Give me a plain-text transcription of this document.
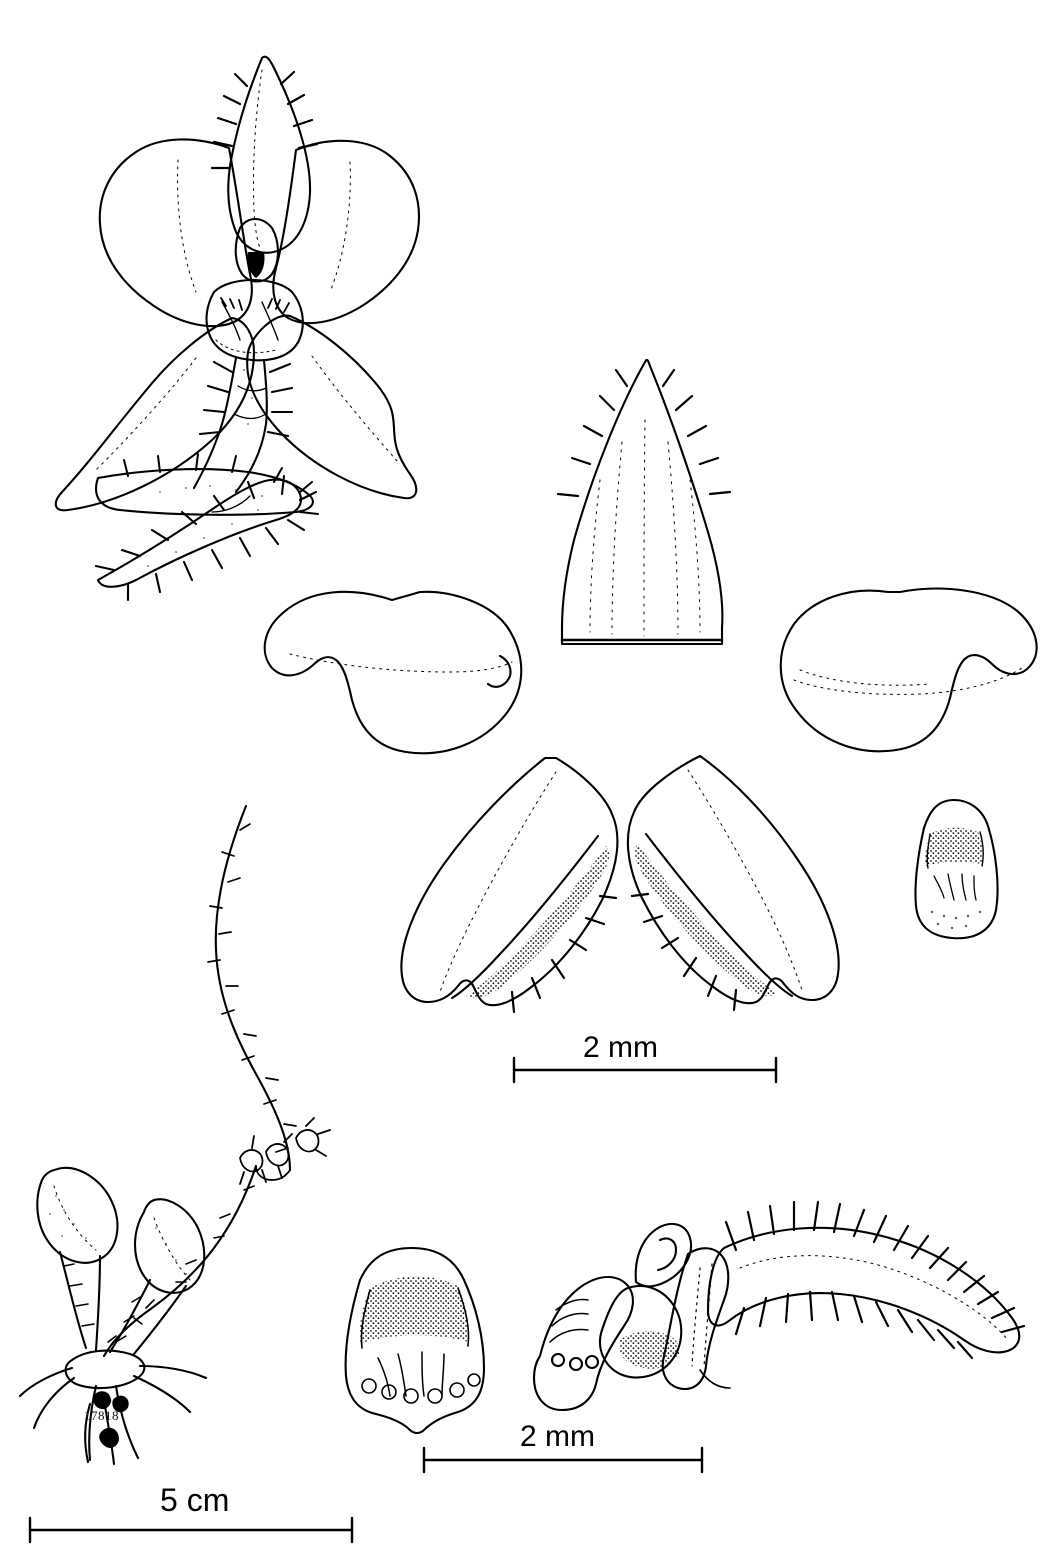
2 mm
2 mm
5 cm
17818
